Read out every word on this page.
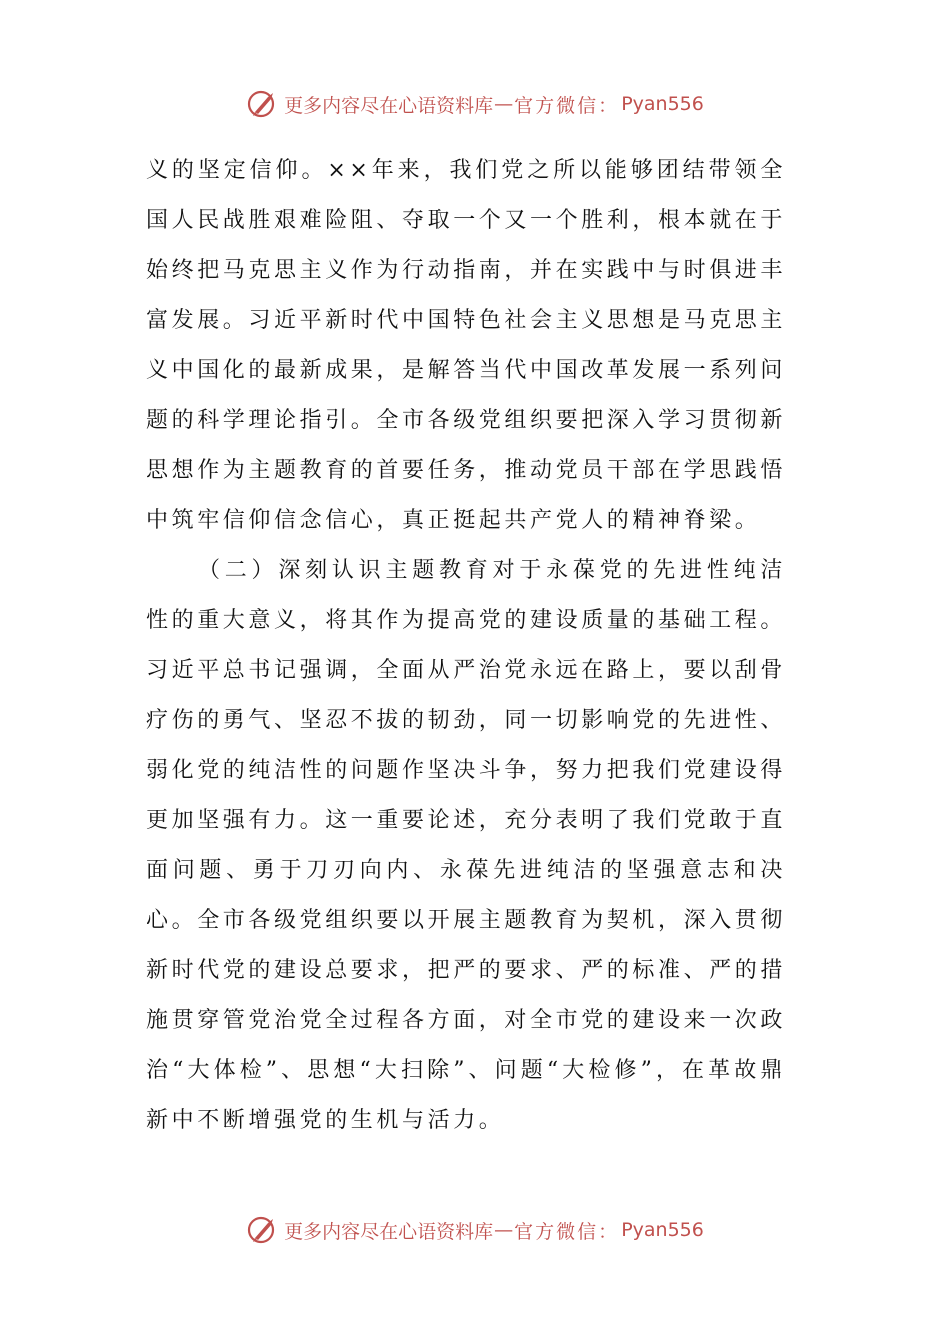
更多内容尽在心语资料库 — 官方微信： Pyan556

义的坚定信仰。××年来，我们党之所以能够团结带领全国人民战胜艰难险阻、夺取一个又一个胜利，根本就在于始终把马克思主义作为行动指南，并在实践中与时俱进丰富发展。习近平新时代中国特色社会主义思想是马克思主义中国化的最新成果，是解答当代中国改革发展一系列问题的科学理论指引。全市各级党组织要把深入学习贯彻新思想作为主题教育的首要任务，推动党员干部在学思践悟中筑牢信仰信念信心，真正挺起共产党人的精神脊梁。

（二）深刻认识主题教育对于永葆党的先进性纯洁性的重大意义，将其作为提高党的建设质量的基础工程。习近平总书记强调，全面从严治党永远在路上，要以刮骨疗伤的勇气、坚忍不拔的韧劲，同一切影响党的先进性、弱化党的纯洁性的问题作坚决斗争，努力把我们党建设得更加坚强有力。这一重要论述，充分表明了我们党敢于直面问题、勇于刀刃向内、永葆先进纯洁的坚强意志和决心。全市各级党组织要以开展主题教育为契机，深入贯彻新时代党的建设总要求，把严的要求、严的标准、严的措施贯穿管党治党全过程各方面，对全市党的建设来一次政治“大体检”、思想“大扫除”、问题“大检修”，在革故鼎新中不断增强党的生机与活力。

更多内容尽在心语资料库 — 官方微信： Pyan556
